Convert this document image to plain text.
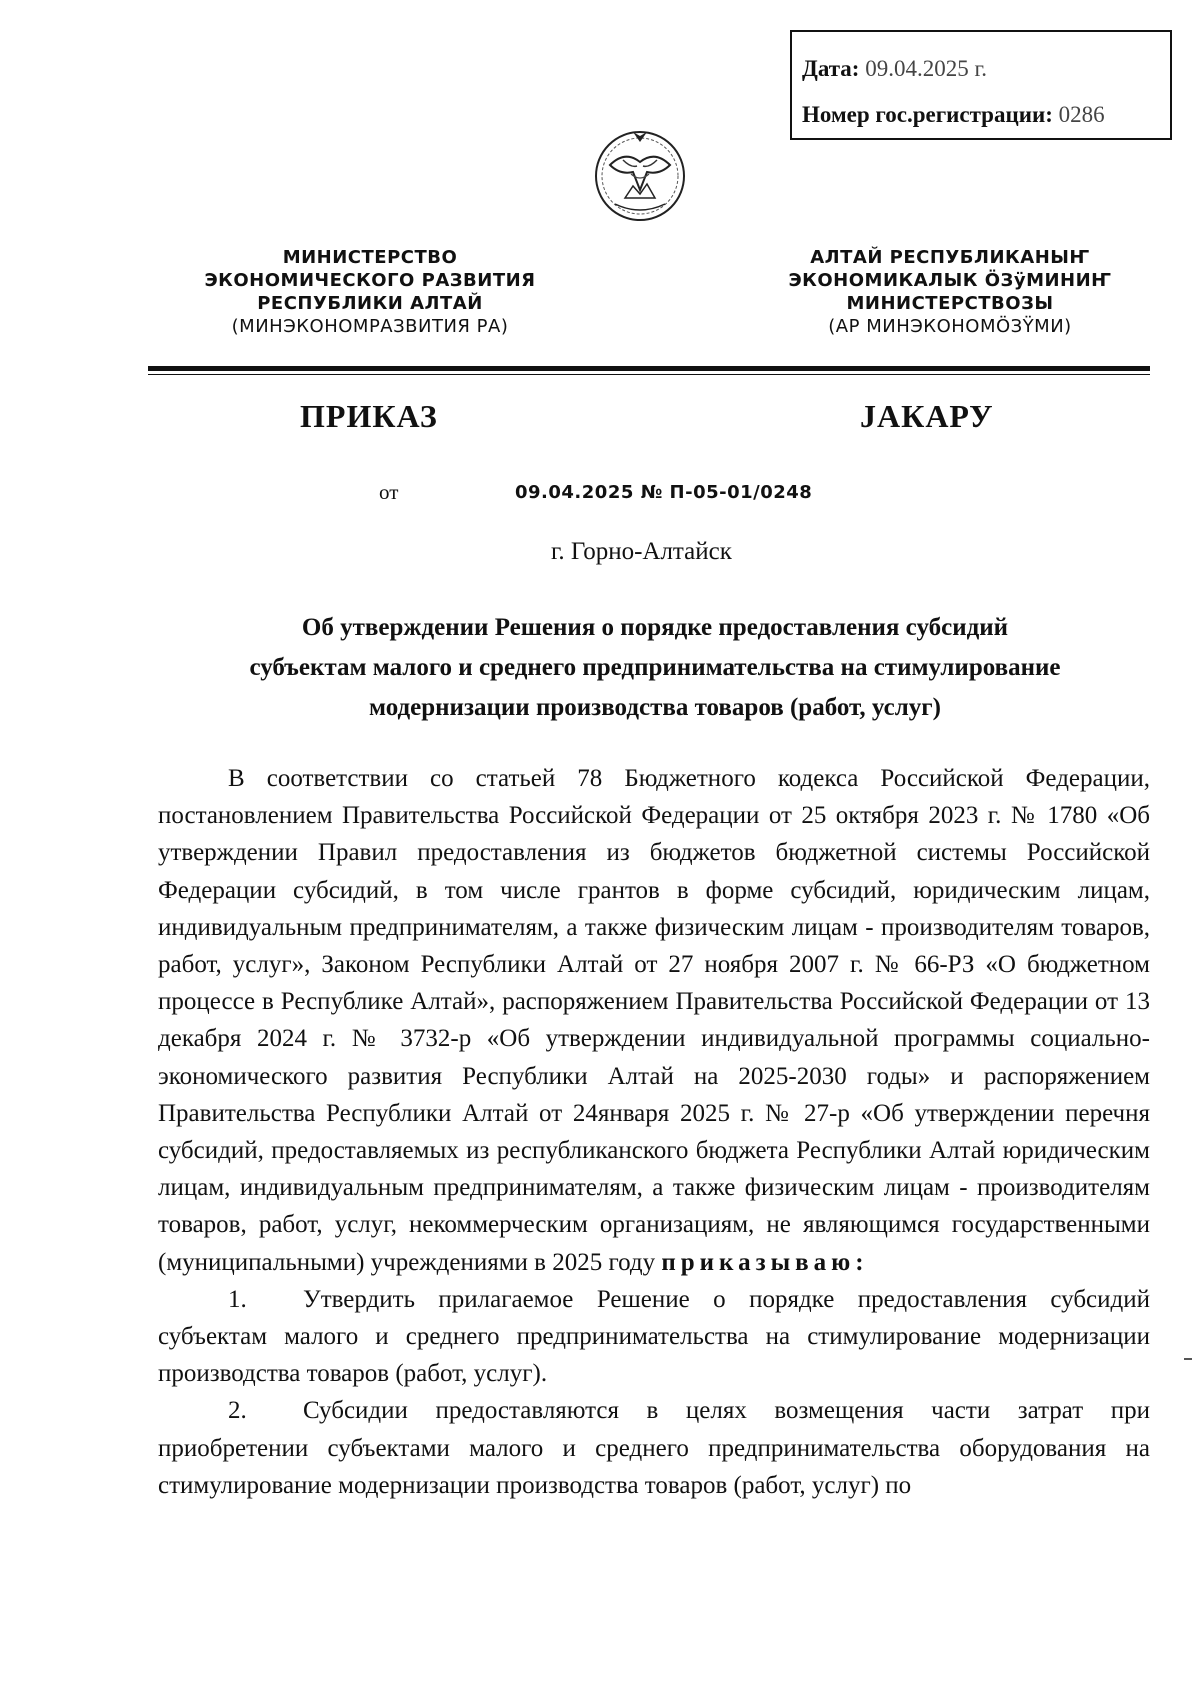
Дата: 09.04.2025 г.
Номер гос.регистрации: 0286
МИНИСТЕРСТВО
ЭКОНОМИЧЕСКОГО РАЗВИТИЯ
РЕСПУБЛИКИ АЛТАЙ
(МИНЭКОНОМРАЗВИТИЯ РА)
АЛТАЙ РЕСПУБЛИКАНЫҤ
ЭКОНОМИКАЛЫК ÖЗÿМИНИҤ
МИНИСТЕРСТВОЗЫ
(АР МИНЭКОНОМÖЗŸМИ)
ПРИКАЗ	JАКАРУ
от	09.04.2025 № П-05-01/0248
г. Горно-Алтайск
Об утверждении Решения о порядке предоставления субсидий
субъектам малого и среднего предпринимательства на стимулирование
модернизации производства товаров (работ, услуг)

В соответствии со статьей 78 Бюджетного кодекса Российской Федерации, постановлением Правительства Российской Федерации от 25 октября 2023 г. № 1780 «Об утверждении Правил предоставления из бюджетов бюджетной системы Российской Федерации субсидий, в том числе грантов в форме субсидий, юридическим лицам, индивидуальным предпринимателям, а также физическим лицам - производителям товаров, работ, услуг», Законом Республики Алтай от 27 ноября 2007 г. № 66-РЗ «О бюджетном процессе в Республике Алтай», распоряжением Правительства Российской Федерации от 13 декабря 2024 г. № 3732-р «Об утверждении индивидуальной программы социально-экономического развития Республики Алтай на 2025-2030 годы» и распоряжением Правительства Республики Алтай от 24января 2025 г. № 27-р «Об утверждении перечня субсидий, предоставляемых из республиканского бюджета Республики Алтай юридическим лицам, индивидуальным предпринимателям, а также физическим лицам - производителям товаров, работ, услуг, некоммерческим организациям, не являющимся государственными (муниципальными) учреждениями в 2025 году приказываю:

1. Утвердить прилагаемое Решение о порядке предоставления субсидий субъектам малого и среднего предпринимательства на стимулирование модернизации производства товаров (работ, услуг).

2. Субсидии предоставляются в целях возмещения части затрат при приобретении субъектами малого и среднего предпринимательства оборудования на стимулирование модернизации производства товаров (работ, услуг) по
